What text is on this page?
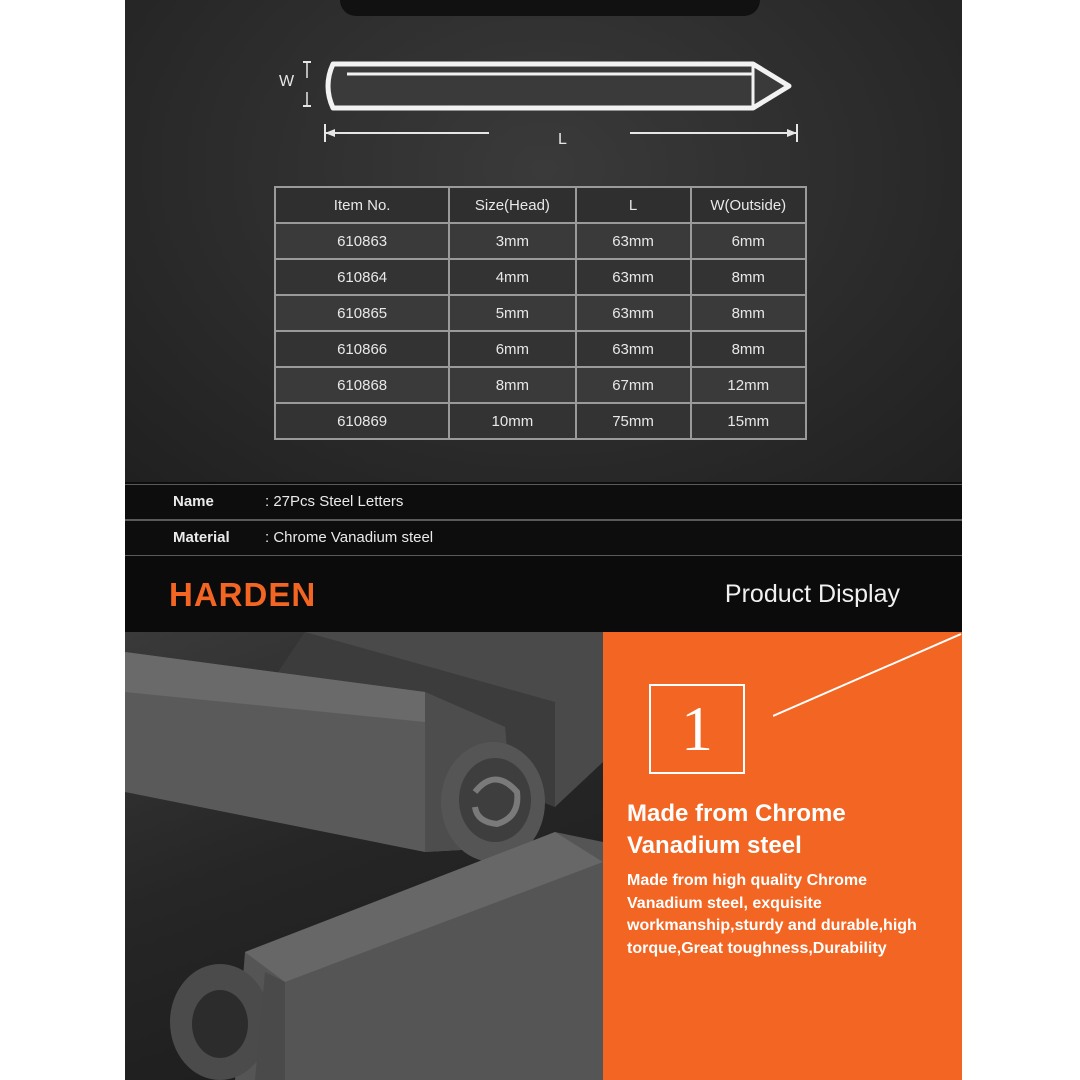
W
L
Item No.	Size(Head)	L	W(Outside)
610863	3mm	63mm	6mm
610864	4mm	63mm	8mm
610865	5mm	63mm	8mm
610866	6mm	63mm	8mm
610868	8mm	67mm	12mm
610869	10mm	75mm	15mm
Name	: 27Pcs Steel Letters
Material : Chrome Vanadium steel
HARDEN	Product Display
1
Made from Chrome Vanadium steel
Made from high quality Chrome Vanadium steel, exquisite workmanship,sturdy and durable,high torque,Great toughness,Durability
